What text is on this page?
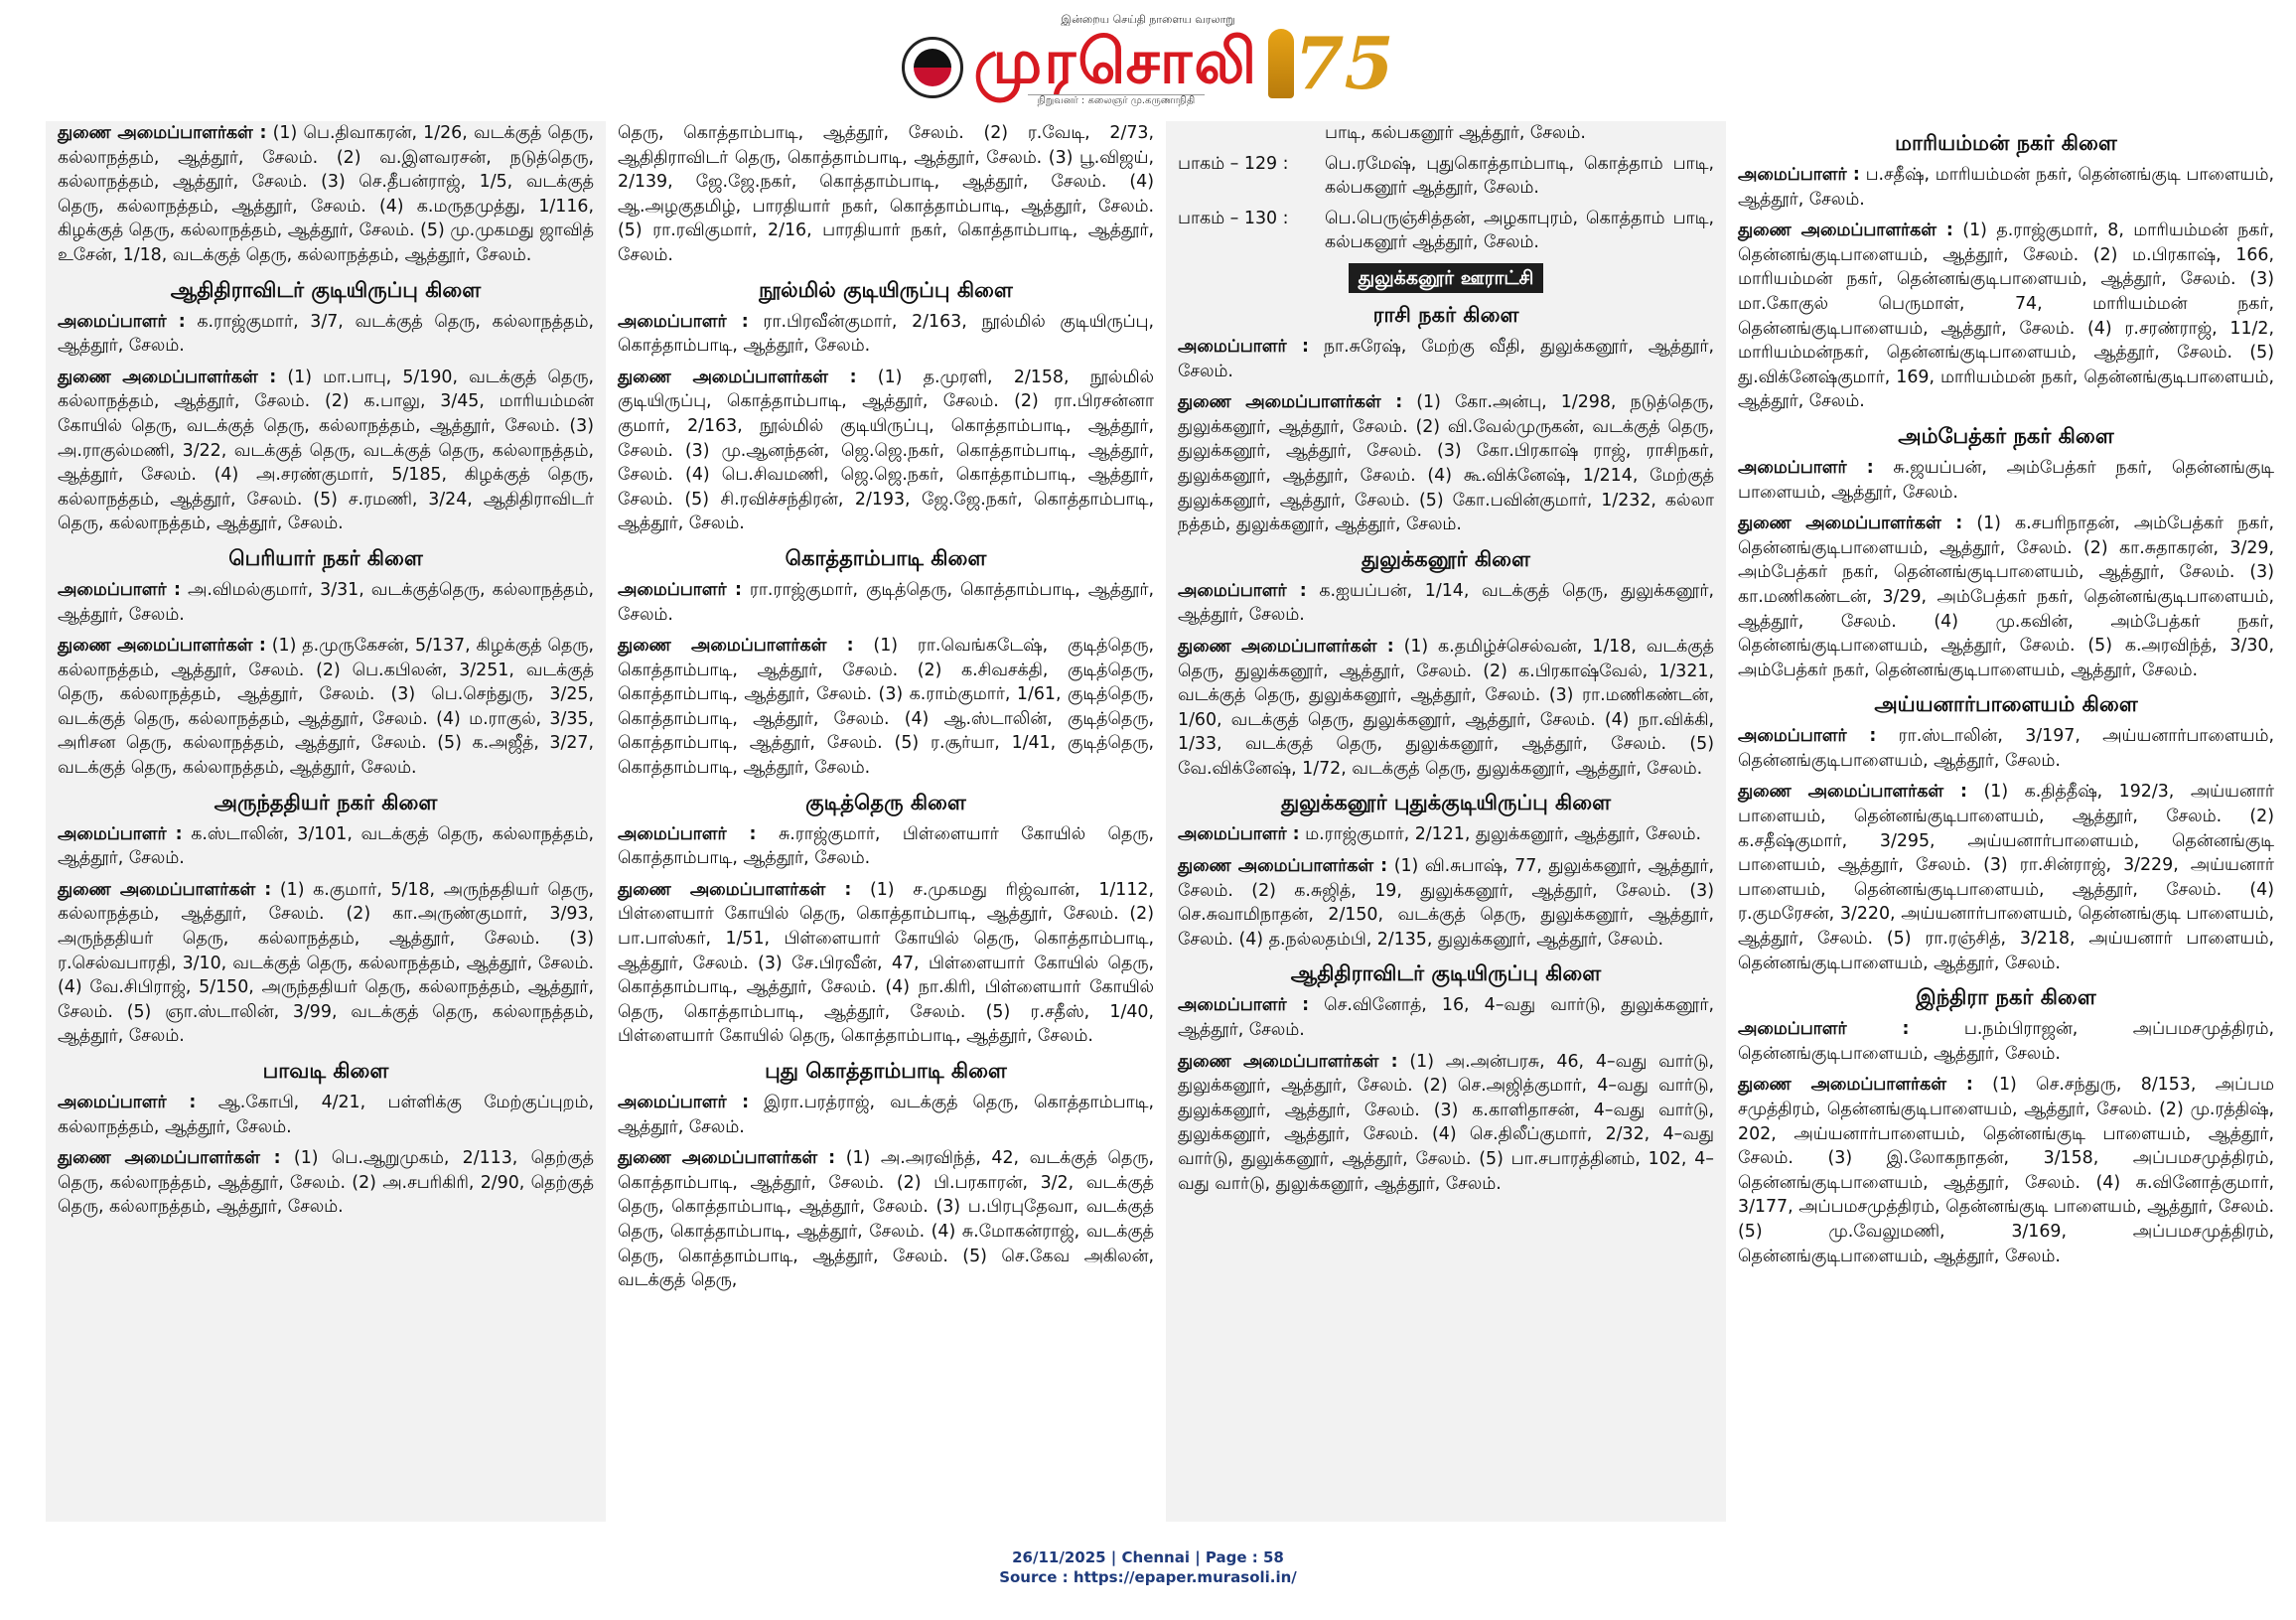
இன்றைய செய்தி நாளைய வரலாறு
முரசொலி
நிறுவனர் : கலைஞர் மு.கருணாநிதி 75

துணை அமைப்பாளர்கள் : (1) பெ.திவாகரன், 1/26, வடக்குத் தெரு, கல்லாநத்தம், ஆத்தூர், சேலம். (2) வ.இளவரசன், நடுத்தெரு, கல்லாநத்தம், ஆத்தூர், சேலம். (3) செ.தீபன்ராஜ், 1/5, வடக்குத் தெரு, கல்லாநத்தம், ஆத்தூர், சேலம். (4) க.மருதமுத்து, 1/116, கிழக்குத் தெரு, கல்லாநத்தம், ஆத்தூர், சேலம். (5) மு.முகமது ஜாவித் உசேன், 1/18, வடக்குத் தெரு, கல்லாநத்தம், ஆத்தூர், சேலம்.

ஆதிதிராவிடர் குடியிருப்பு கிளை

அமைப்பாளர் : க.ராஜ்குமார், 3/7, வடக்குத் தெரு, கல்லாநத்தம், ஆத்தூர், சேலம்.

துணை அமைப்பாளர்கள் : (1) மா.பாபு, 5/190, வடக்குத் தெரு, கல்லாநத்தம், ஆத்தூர், சேலம். (2) க.பாலு, 3/45, மாரியம்மன் கோயில் தெரு, வடக்குத் தெரு, கல்லாநத்தம், ஆத்தூர், சேலம். (3) அ.ராகுல்மணி, 3/22, வடக்குத் தெரு, வடக்குத் தெரு, கல்லாநத்தம், ஆத்தூர், சேலம். (4) அ.சரண்குமார், 5/185, கிழக்குத் தெரு, கல்லாநத்தம், ஆத்தூர், சேலம். (5) ச.ரமணி, 3/24, ஆதிதிராவிடர் தெரு, கல்லாநத்தம், ஆத்தூர், சேலம்.

பெரியார் நகர் கிளை

அமைப்பாளர் : அ.விமல்குமார், 3/31, வடக்குத்தெரு, கல்லாநத்தம், ஆத்தூர், சேலம்.

துணை அமைப்பாளர்கள் : (1) த.முருகேசன், 5/137, கிழக்குத் தெரு, கல்லாநத்தம், ஆத்தூர், சேலம். (2) பெ.கபிலன், 3/251, வடக்குத் தெரு, கல்லாநத்தம், ஆத்தூர், சேலம். (3) பெ.செந்துரு, 3/25, வடக்குத் தெரு, கல்லாநத்தம், ஆத்தூர், சேலம். (4) ம.ராகுல், 3/35, அரிசன தெரு, கல்லாநத்தம், ஆத்தூர், சேலம். (5) க.அஜீத், 3/27, வடக்குத் தெரு, கல்லாநத்தம், ஆத்தூர், சேலம்.

அருந்ததியர் நகர் கிளை

அமைப்பாளர் : க.ஸ்டாலின், 3/101, வடக்குத் தெரு, கல்லாநத்தம், ஆத்தூர், சேலம்.

துணை அமைப்பாளர்கள் : (1) க.குமார், 5/18, அருந்ததியர் தெரு, கல்லாநத்தம், ஆத்தூர், சேலம். (2) கா.அருண்குமார், 3/93, அருந்ததியர் தெரு, கல்லாநத்தம், ஆத்தூர், சேலம். (3) ர.செல்வபாரதி, 3/10, வடக்குத் தெரு, கல்லாநத்தம், ஆத்தூர், சேலம். (4) வே.சிபிராஜ், 5/150, அருந்ததியர் தெரு, கல்லாநத்தம், ஆத்தூர், சேலம். (5) ஞா.ஸ்டாலின், 3/99, வடக்குத் தெரு, கல்லாநத்தம், ஆத்தூர், சேலம்.

பாவடி கிளை

அமைப்பாளர் : ஆ.கோபி, 4/21, பள்ளிக்கு மேற்குப்புறம், கல்லாநத்தம், ஆத்தூர், சேலம்.

துணை அமைப்பாளர்கள் : (1) பெ.ஆறுமுகம், 2/113, தெற்குத் தெரு, கல்லாநத்தம், ஆத்தூர், சேலம். (2) அ.சபரிகிரி, 2/90, தெற்குத் தெரு, கல்லாநத்தம், ஆத்தூர், சேலம்.

தெரு, கொத்தாம்பாடி, ஆத்தூர், சேலம். (2) ர.வேடி, 2/73, ஆதிதிராவிடர் தெரு, கொத்தாம்பாடி, ஆத்தூர், சேலம். (3) பூ.விஜய், 2/139, ஜே.ஜே.நகர், கொத்தாம்பாடி, ஆத்தூர், சேலம். (4) ஆ.அழகுதமிழ், பாரதியார் நகர், கொத்தாம்பாடி, ஆத்தூர், சேலம். (5) ரா.ரவிகுமார், 2/16, பாரதியார் நகர், கொத்தாம்பாடி, ஆத்தூர், சேலம்.

நூல்மில் குடியிருப்பு கிளை

அமைப்பாளர் : ரா.பிரவீன்குமார், 2/163, நூல்மில் குடியிருப்பு, கொத்தாம்பாடி, ஆத்தூர், சேலம்.

துணை அமைப்பாளர்கள் : (1) த.முரளி, 2/158, நூல்மில் குடியிருப்பு, கொத்தாம்பாடி, ஆத்தூர், சேலம். (2) ரா.பிரசன்னா குமார், 2/163, நூல்மில் குடியிருப்பு, கொத்தாம்பாடி, ஆத்தூர், சேலம். (3) மு.ஆனந்தன், ஜெ.ஜெ.நகர், கொத்தாம்பாடி, ஆத்தூர், சேலம். (4) பெ.சிவமணி, ஜெ.ஜெ.நகர், கொத்தாம்பாடி, ஆத்தூர், சேலம். (5) சி.ரவிச்சந்திரன், 2/193, ஜே.ஜே.நகர், கொத்தாம்பாடி, ஆத்தூர், சேலம்.

கொத்தாம்பாடி கிளை

அமைப்பாளர் : ரா.ராஜ்குமார், குடித்தெரு, கொத்தாம்பாடி, ஆத்தூர், சேலம்.

துணை அமைப்பாளர்கள் : (1) ரா.வெங்கடேஷ், குடித்தெரு, கொத்தாம்பாடி, ஆத்தூர், சேலம். (2) க.சிவசக்தி, குடித்தெரு, கொத்தாம்பாடி, ஆத்தூர், சேலம். (3) க.ராம்குமார், 1/61, குடித்தெரு, கொத்தாம்பாடி, ஆத்தூர், சேலம். (4) ஆ.ஸ்டாலின், குடித்தெரு, கொத்தாம்பாடி, ஆத்தூர், சேலம். (5) ர.சூர்யா, 1/41, குடித்தெரு, கொத்தாம்பாடி, ஆத்தூர், சேலம்.

குடித்தெரு கிளை

அமைப்பாளர் : சு.ராஜ்குமார், பிள்ளையார் கோயில் தெரு, கொத்தாம்பாடி, ஆத்தூர், சேலம்.

துணை அமைப்பாளர்கள் : (1) ச.முகமது ரிஜ்வான், 1/112, பிள்ளையார் கோயில் தெரு, கொத்தாம்பாடி, ஆத்தூர், சேலம். (2) பா.பாஸ்கர், 1/51, பிள்ளையார் கோயில் தெரு, கொத்தாம்பாடி, ஆத்தூர், சேலம். (3) சே.பிரவீன், 47, பிள்ளையார் கோயில் தெரு, கொத்தாம்பாடி, ஆத்தூர், சேலம். (4) நா.கிரி, பிள்ளையார் கோயில் தெரு, கொத்தாம்பாடி, ஆத்தூர், சேலம். (5) ர.சதீஸ், 1/40, பிள்ளையார் கோயில் தெரு, கொத்தாம்பாடி, ஆத்தூர், சேலம்.

புது கொத்தாம்பாடி கிளை

அமைப்பாளர் : இரா.பரத்ராஜ், வடக்குத் தெரு, கொத்தாம்பாடி, ஆத்தூர், சேலம்.

துணை அமைப்பாளர்கள் : (1) அ.அரவிந்த், 42, வடக்குத் தெரு, கொத்தாம்பாடி, ஆத்தூர், சேலம். (2) பி.பரகாரன், 3/2, வடக்குத் தெரு, கொத்தாம்பாடி, ஆத்தூர், சேலம். (3) ப.பிரபுதேவா, வடக்குத் தெரு, கொத்தாம்பாடி, ஆத்தூர், சேலம். (4) சு.மோகன்ராஜ், வடக்குத் தெரு, கொத்தாம்பாடி, ஆத்தூர், சேலம். (5) செ.கேவ அகிலன், வடக்குத் தெரு,

பாடி, கல்பகனூர் ஆத்தூர், சேலம்.
பாகம் – 129 :	பெ.ரமேஷ், புதுகொத்தாம்பாடி, கொத்தாம் பாடி, கல்பகனூர் ஆத்தூர், சேலம்.
பாகம் – 130 :	பெ.பெருஞ்சித்தன், அழகாபுரம், கொத்தாம் பாடி, கல்பகனூர் ஆத்தூர், சேலம்.
துலுக்கனூர் ஊராட்சி
ராசி நகர் கிளை

அமைப்பாளர் : நா.சுரேஷ், மேற்கு வீதி, துலுக்கனூர், ஆத்தூர், சேலம்.

துணை அமைப்பாளர்கள் : (1) கோ.அன்பு, 1/298, நடுத்தெரு, துலுக்கனூர், ஆத்தூர், சேலம். (2) வி.வேல்முருகன், வடக்குத் தெரு, துலுக்கனூர், ஆத்தூர், சேலம். (3) கோ.பிரகாஷ் ராஜ், ராசிநகர், துலுக்கனூர், ஆத்தூர், சேலம். (4) கூ.விக்னேஷ், 1/214, மேற்குத் துலுக்கனூர், ஆத்தூர், சேலம். (5) கோ.பவின்குமார், 1/232, கல்லா நத்தம், துலுக்கனூர், ஆத்தூர், சேலம்.

துலுக்கனூர் கிளை

அமைப்பாளர் : க.ஐயப்பன், 1/14, வடக்குத் தெரு, துலுக்கனூர், ஆத்தூர், சேலம்.

துணை அமைப்பாளர்கள் : (1) க.தமிழ்ச்செல்வன், 1/18, வடக்குத் தெரு, துலுக்கனூர், ஆத்தூர், சேலம். (2) க.பிரகாஷ்வேல், 1/321, வடக்குத் தெரு, துலுக்கனூர், ஆத்தூர், சேலம். (3) ரா.மணிகண்டன், 1/60, வடக்குத் தெரு, துலுக்கனூர், ஆத்தூர், சேலம். (4) நா.விக்கி, 1/33, வடக்குத் தெரு, துலுக்கனூர், ஆத்தூர், சேலம். (5) வே.விக்னேஷ், 1/72, வடக்குத் தெரு, துலுக்கனூர், ஆத்தூர், சேலம்.

துலுக்கனூர் புதுக்குடியிருப்பு கிளை

அமைப்பாளர் : ம.ராஜ்குமார், 2/121, துலுக்கனூர், ஆத்தூர், சேலம்.

துணை அமைப்பாளர்கள் : (1) வி.சுபாஷ், 77, துலுக்கனூர், ஆத்தூர், சேலம். (2) க.சுஜித், 19, துலுக்கனூர், ஆத்தூர், சேலம். (3) செ.சுவாமிநாதன், 2/150, வடக்குத் தெரு, துலுக்கனூர், ஆத்தூர், சேலம். (4) த.நல்லதம்பி, 2/135, துலுக்கனூர், ஆத்தூர், சேலம்.

ஆதிதிராவிடர் குடியிருப்பு கிளை

அமைப்பாளர் : செ.வினோத், 16, 4–வது வார்டு, துலுக்கனூர், ஆத்தூர், சேலம்.

துணை அமைப்பாளர்கள் : (1) அ.அன்பரசு, 46, 4–வது வார்டு, துலுக்கனூர், ஆத்தூர், சேலம். (2) செ.அஜித்குமார், 4–வது வார்டு, துலுக்கனூர், ஆத்தூர், சேலம். (3) க.காளிதாசன், 4–வது வார்டு, துலுக்கனூர், ஆத்தூர், சேலம். (4) செ.திலீப்குமார், 2/32, 4–வது வார்டு, துலுக்கனூர், ஆத்தூர், சேலம். (5) பா.சபாரத்தினம், 102, 4–வது வார்டு, துலுக்கனூர், ஆத்தூர், சேலம்.

மாரியம்மன் நகர் கிளை

அமைப்பாளர் : ப.சதீஷ், மாரியம்மன் நகர், தென்னங்குடி பாளையம், ஆத்தூர், சேலம்.

துணை அமைப்பாளர்கள் : (1) த.ராஜ்குமார், 8, மாரியம்மன் நகர், தென்னங்குடிபாளையம், ஆத்தூர், சேலம். (2) ம.பிரகாஷ், 166, மாரியம்மன் நகர், தென்னங்குடிபாளையம், ஆத்தூர், சேலம். (3) மா.கோகுல் பெருமாள், 74, மாரியம்மன் நகர், தென்னங்குடிபாளையம், ஆத்தூர், சேலம். (4) ர.சரண்ராஜ், 11/2, மாரியம்மன்நகர், தென்னங்குடிபாளையம், ஆத்தூர், சேலம். (5) து.விக்னேஷ்குமார், 169, மாரியம்மன் நகர், தென்னங்குடிபாளையம், ஆத்தூர், சேலம்.

அம்பேத்கர் நகர் கிளை

அமைப்பாளர் : சு.ஜயப்பன், அம்பேத்கர் நகர், தென்னங்குடி பாளையம், ஆத்தூர், சேலம்.

துணை அமைப்பாளர்கள் : (1) க.சபரிநாதன், அம்பேத்கர் நகர், தென்னங்குடிபாளையம், ஆத்தூர், சேலம். (2) கா.சுதாகரன், 3/29, அம்பேத்கர் நகர், தென்னங்குடிபாளையம், ஆத்தூர், சேலம். (3) கா.மணிகண்டன், 3/29, அம்பேத்கர் நகர், தென்னங்குடிபாளையம், ஆத்தூர், சேலம். (4) மு.கவின், அம்பேத்கர் நகர், தென்னங்குடிபாளையம், ஆத்தூர், சேலம். (5) க.அரவிந்த், 3/30, அம்பேத்கர் நகர், தென்னங்குடிபாளையம், ஆத்தூர், சேலம்.

அய்யனார்பாளையம் கிளை

அமைப்பாளர் : ரா.ஸ்டாலின், 3/197, அய்யனார்பாளையம், தென்னங்குடிபாளையம், ஆத்தூர், சேலம்.

துணை அமைப்பாளர்கள் : (1) க.தித்தீஷ், 192/3, அய்யனார் பாளையம், தென்னங்குடிபாளையம், ஆத்தூர், சேலம். (2) க.சதீஷ்குமார், 3/295, அய்யனார்பாளையம், தென்னங்குடி பாளையம், ஆத்தூர், சேலம். (3) ரா.சின்ராஜ், 3/229, அய்யனார் பாளையம், தென்னங்குடிபாளையம், ஆத்தூர், சேலம். (4) ர.குமரேசன், 3/220, அய்யனார்பாளையம், தென்னங்குடி பாளையம், ஆத்தூர், சேலம். (5) ரா.ரஞ்சித், 3/218, அய்யனார் பாளையம், தென்னங்குடிபாளையம், ஆத்தூர், சேலம்.

இந்திரா நகர் கிளை

அமைப்பாளர் : ப.நம்பிராஜன், அப்பமசமுத்திரம், தென்னங்குடிபாளையம், ஆத்தூர், சேலம்.

துணை அமைப்பாளர்கள் : (1) செ.சந்துரு, 8/153, அப்பம சமுத்திரம், தென்னங்குடிபாளையம், ஆத்தூர், சேலம். (2) மு.ரத்திஷ், 202, அய்யனார்பாளையம், தென்னங்குடி பாளையம், ஆத்தூர், சேலம். (3) இ.லோகநாதன், 3/158, அப்பமசமுத்திரம், தென்னங்குடிபாளையம், ஆத்தூர், சேலம். (4) சு.வினோத்குமார், 3/177, அப்பமசமுத்திரம், தென்னங்குடி பாளையம், ஆத்தூர், சேலம். (5) மு.வேலுமணி, 3/169, அப்பமசமுத்திரம், தென்னங்குடிபாளையம், ஆத்தூர், சேலம்.

26/11/2025 | Chennai | Page : 58
Source : https://epaper.murasoli.in/
